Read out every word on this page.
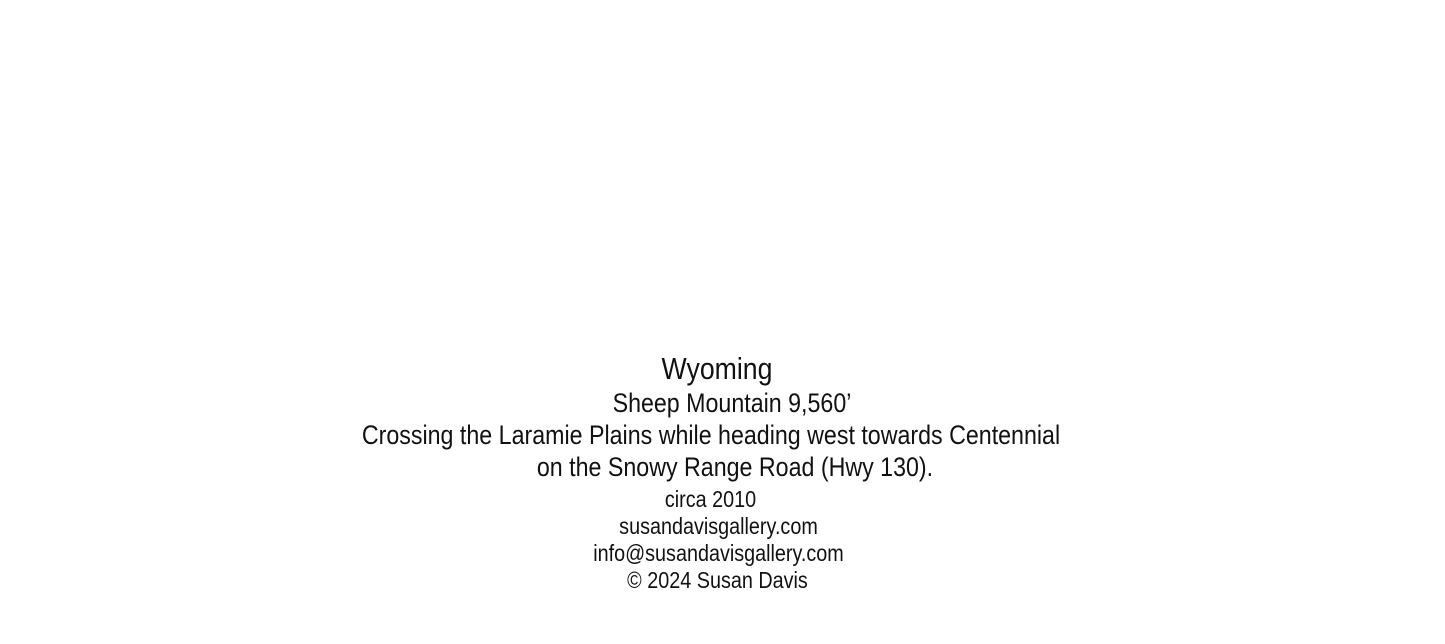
Wyoming
Sheep Mountain 9,560’
Crossing the Laramie Plains while heading west towards Centennial
on the Snowy Range Road (Hwy 130).
circa 2010
susandavisgallery.com
info@susandavisgallery.com
© 2024 Susan Davis
